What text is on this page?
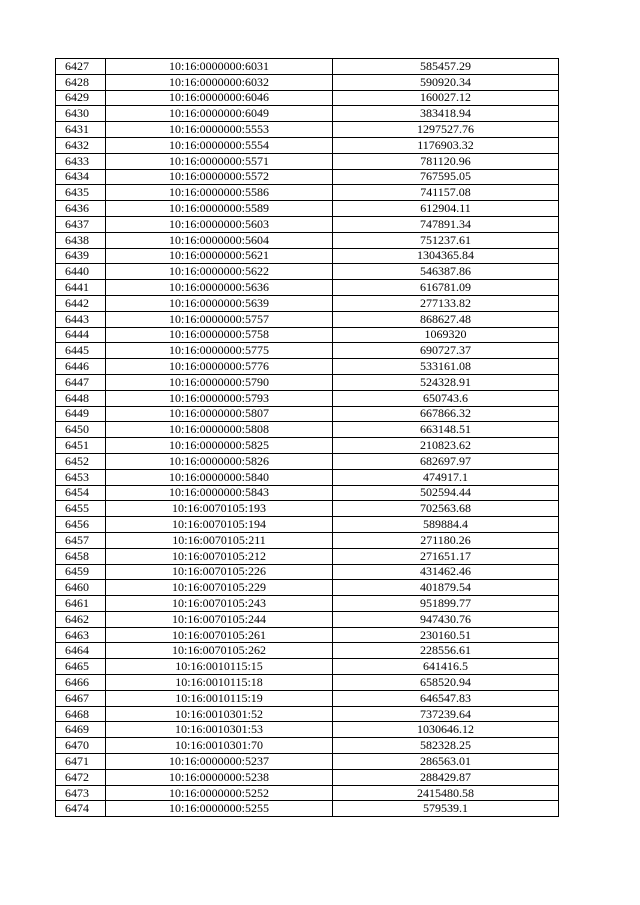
6427	10:16:0000000:6031	585457.29
6428	10:16:0000000:6032	590920.34
6429	10:16:0000000:6046	160027.12
6430	10:16:0000000:6049	383418.94
6431	10:16:0000000:5553	1297527.76
6432	10:16:0000000:5554	1176903.32
6433	10:16:0000000:5571	781120.96
6434	10:16:0000000:5572	767595.05
6435	10:16:0000000:5586	741157.08
6436	10:16:0000000:5589	612904.11
6437	10:16:0000000:5603	747891.34
6438	10:16:0000000:5604	751237.61
6439	10:16:0000000:5621	1304365.84
6440	10:16:0000000:5622	546387.86
6441	10:16:0000000:5636	616781.09
6442	10:16:0000000:5639	277133.82
6443	10:16:0000000:5757	868627.48
6444	10:16:0000000:5758	1069320
6445	10:16:0000000:5775	690727.37
6446	10:16:0000000:5776	533161.08
6447	10:16:0000000:5790	524328.91
6448	10:16:0000000:5793	650743.6
6449	10:16:0000000:5807	667866.32
6450	10:16:0000000:5808	663148.51
6451	10:16:0000000:5825	210823.62
6452	10:16:0000000:5826	682697.97
6453	10:16:0000000:5840	474917.1
6454	10:16:0000000:5843	502594.44
6455	10:16:0070105:193	702563.68
6456	10:16:0070105:194	589884.4
6457	10:16:0070105:211	271180.26
6458	10:16:0070105:212	271651.17
6459	10:16:0070105:226	431462.46
6460	10:16:0070105:229	401879.54
6461	10:16:0070105:243	951899.77
6462	10:16:0070105:244	947430.76
6463	10:16:0070105:261	230160.51
6464	10:16:0070105:262	228556.61
6465	10:16:0010115:15	641416.5
6466	10:16:0010115:18	658520.94
6467	10:16:0010115:19	646547.83
6468	10:16:0010301:52	737239.64
6469	10:16:0010301:53	1030646.12
6470	10:16:0010301:70	582328.25
6471	10:16:0000000:5237	286563.01
6472	10:16:0000000:5238	288429.87
6473	10:16:0000000:5252	2415480.58
6474	10:16:0000000:5255	579539.1
